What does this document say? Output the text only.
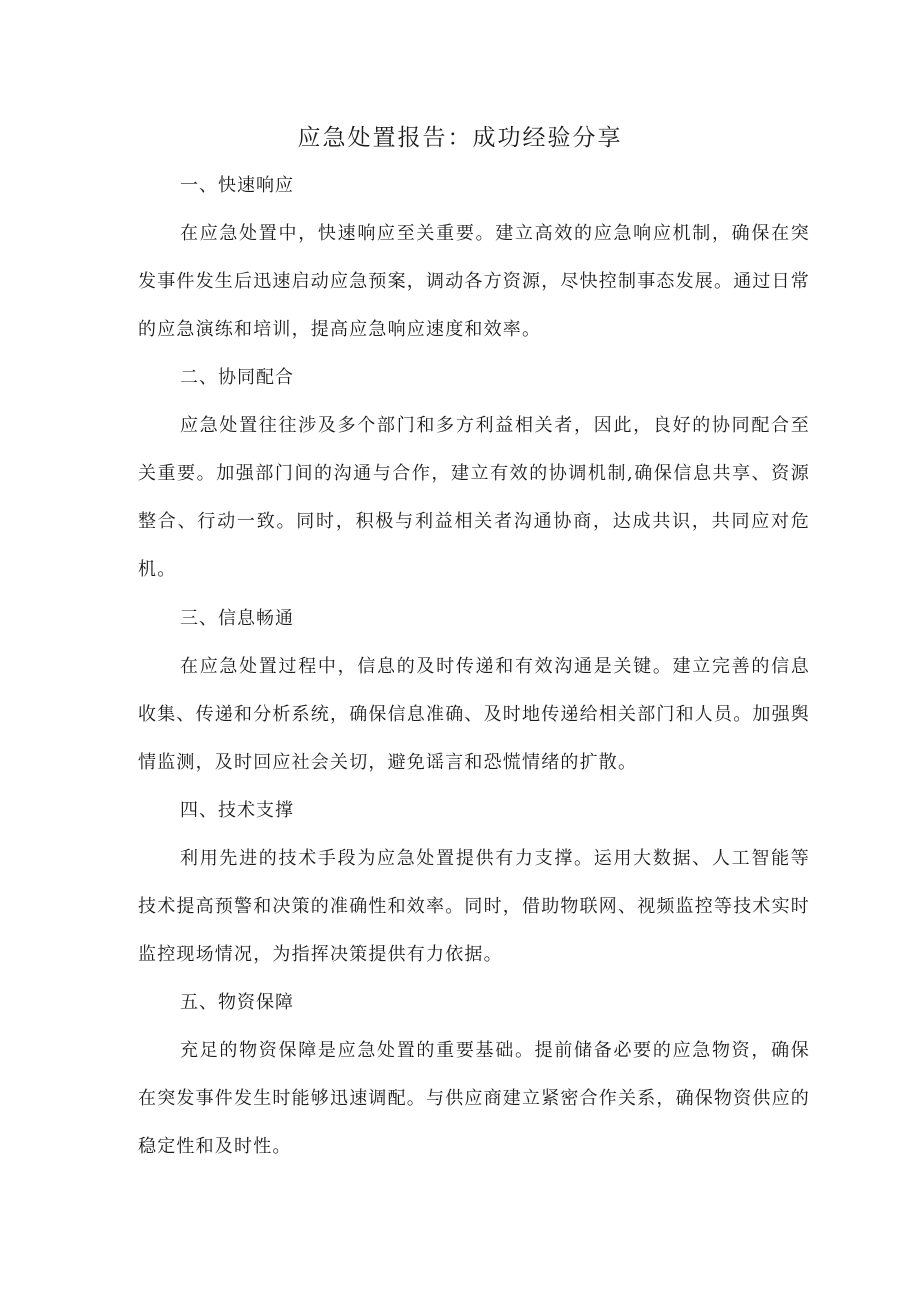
应急处置报告：成功经验分享
一、快速响应

在应急处置中，快速响应至关重要。建立高效的应急响应机制，确保在突发事件发生后迅速启动应急预案，调动各方资源，尽快控制事态发展。通过日常的应急演练和培训，提高应急响应速度和效率。

二、协同配合

应急处置往往涉及多个部门和多方利益相关者，因此，良好的协同配合至关重要。加强部门间的沟通与合作，建立有效的协调机制,确保信息共享、资源整合、行动一致。同时，积极与利益相关者沟通协商，达成共识，共同应对危机。

三、信息畅通

在应急处置过程中，信息的及时传递和有效沟通是关键。建立完善的信息收集、传递和分析系统，确保信息准确、及时地传递给相关部门和人员。加强舆情监测，及时回应社会关切，避免谣言和恐慌情绪的扩散。

四、技术支撑

利用先进的技术手段为应急处置提供有力支撑。运用大数据、人工智能等技术提高预警和决策的准确性和效率。同时，借助物联网、视频监控等技术实时监控现场情况，为指挥决策提供有力依据。

五、物资保障

充足的物资保障是应急处置的重要基础。提前储备必要的应急物资，确保在突发事件发生时能够迅速调配。与供应商建立紧密合作关系，确保物资供应的稳定性和及时性。
